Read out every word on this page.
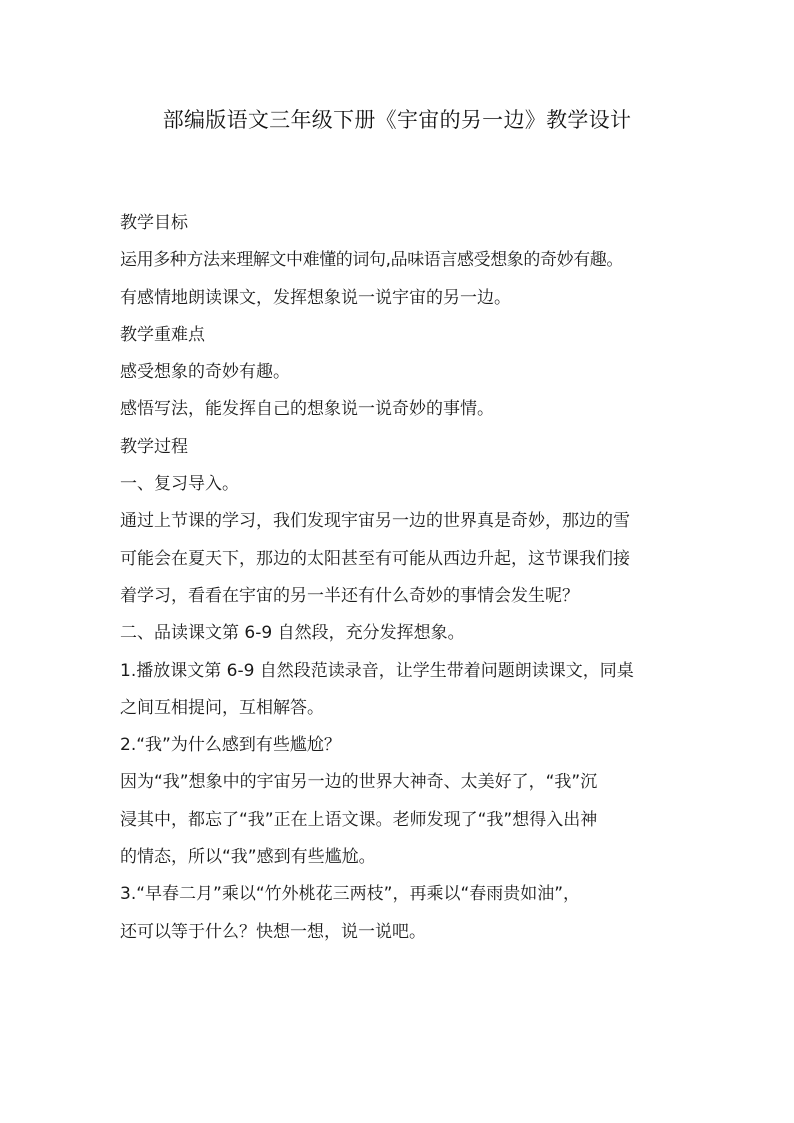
部编版语文三年级下册《宇宙的另一边》教学设计
教学目标
运用多种方法来理解文中难懂的词句,品味语言感受想象的奇妙有趣。
有感情地朗读课文，发挥想象说一说宇宙的另一边。
教学重难点
感受想象的奇妙有趣。
感悟写法，能发挥自己的想象说一说奇妙的事情。
教学过程
一、复习导入。
通过上节课的学习，我们发现宇宙另一边的世界真是奇妙，那边的雪
可能会在夏天下，那边的太阳甚至有可能从西边升起，这节课我们接
着学习，看看在宇宙的另一半还有什么奇妙的事情会发生呢？
二、品读课文第 6-9 自然段，充分发挥想象。
1.播放课文第 6-9 自然段范读录音，让学生带着问题朗读课文，同桌
之间互相提问，互相解答。
2.“我”为什么感到有些尴尬？
因为“我”想象中的宇宙另一边的世界大神奇、太美好了，“我”沉
浸其中，都忘了“我”正在上语文课。老师发现了“我”想得入出神
的情态，所以“我”感到有些尴尬。
3.“早春二月”乘以“竹外桃花三两枝”，再乘以“春雨贵如油”，
还可以等于什么？快想一想，说一说吧。
